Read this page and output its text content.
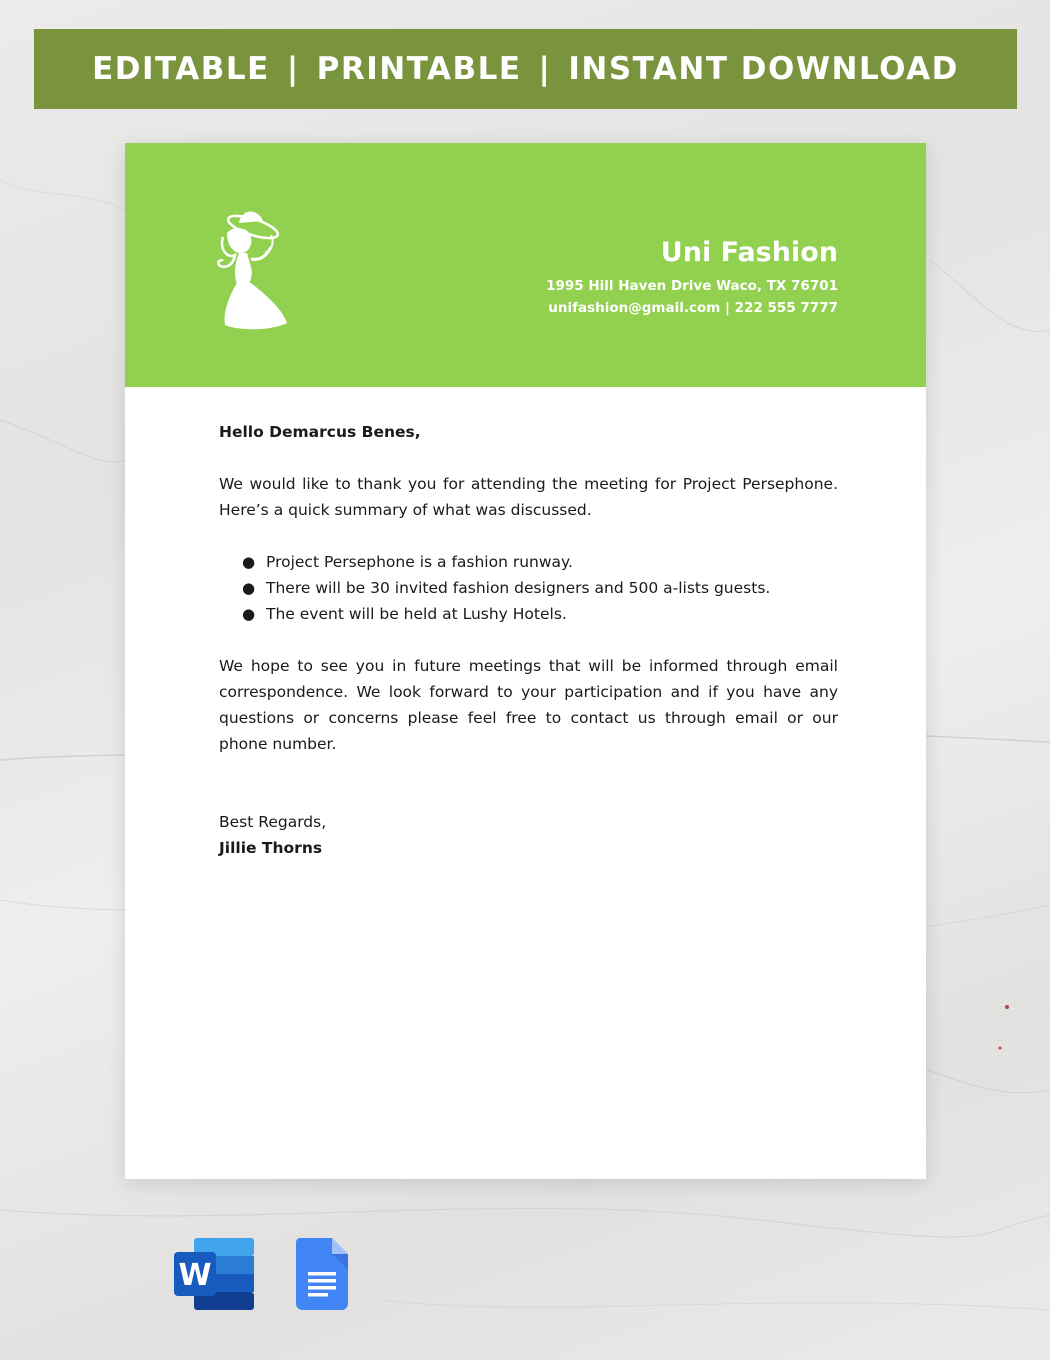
EDITABLE | PRINTABLE | INSTANT DOWNLOAD
Uni Fashion
1995 Hill Haven Drive Waco, TX 76701
unifashion@gmail.com | 222 555 7777

Hello Demarcus Benes,

We would like to thank you for attending the meeting for Project Persephone. Here’s a quick summary of what was discussed.

● Project Persephone is a fashion runway.
● There will be 30 invited fashion designers and 500 a-lists guests.
● The event will be held at Lushy Hotels.

We hope to see you in future meetings that will be informed through email correspondence. We look forward to your participation and if you have any questions or concerns please feel free to contact us through email or our phone number.

Best Regards,

Jillie Thorns

W
